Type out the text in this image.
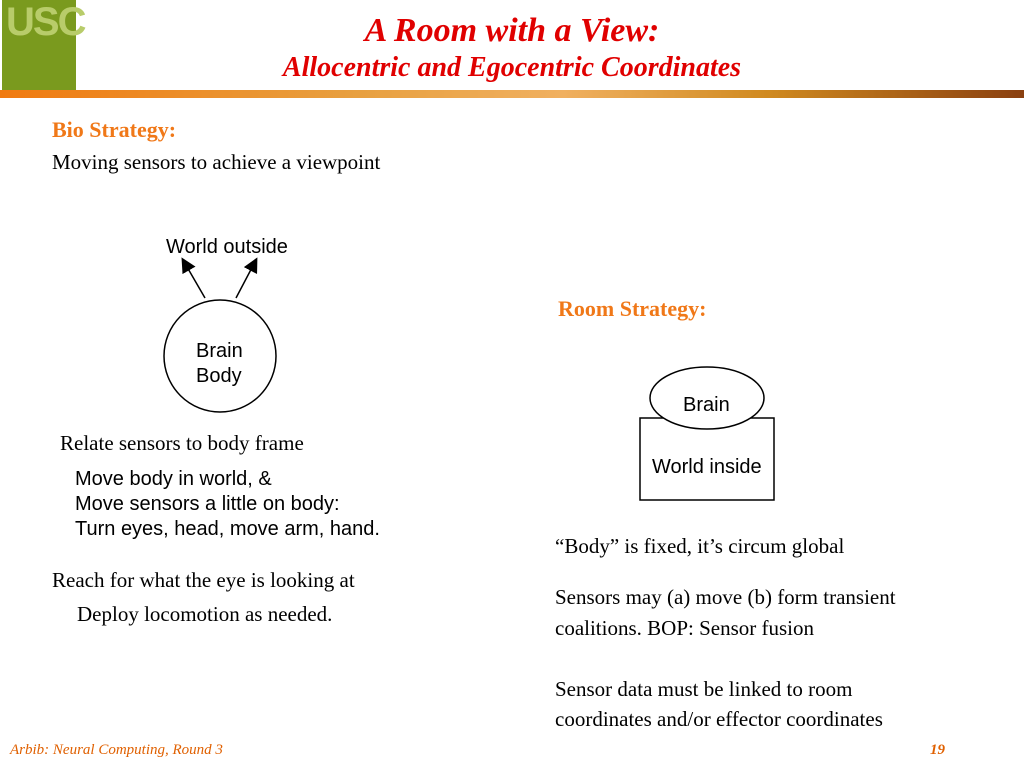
USC	A Room with a View:
Allocentric and Egocentric Coordinates
Bio Strategy:
Moving sensors to achieve a viewpoint
World outside
Brain
Body
Brain
World inside
Relate sensors to body frame
Move body in world, &
Move sensors a little on body:
Turn eyes, head, move arm, hand.
Reach for what the eye is looking at
Deploy locomotion as needed.
Room Strategy:
“Body” is fixed, it’s circum global
Sensors may (a) move (b) form transient
coalitions. BOP: Sensor fusion
Sensor data must be linked to room
coordinates and/or effector coordinates
Arbib: Neural Computing, Round 3	19
